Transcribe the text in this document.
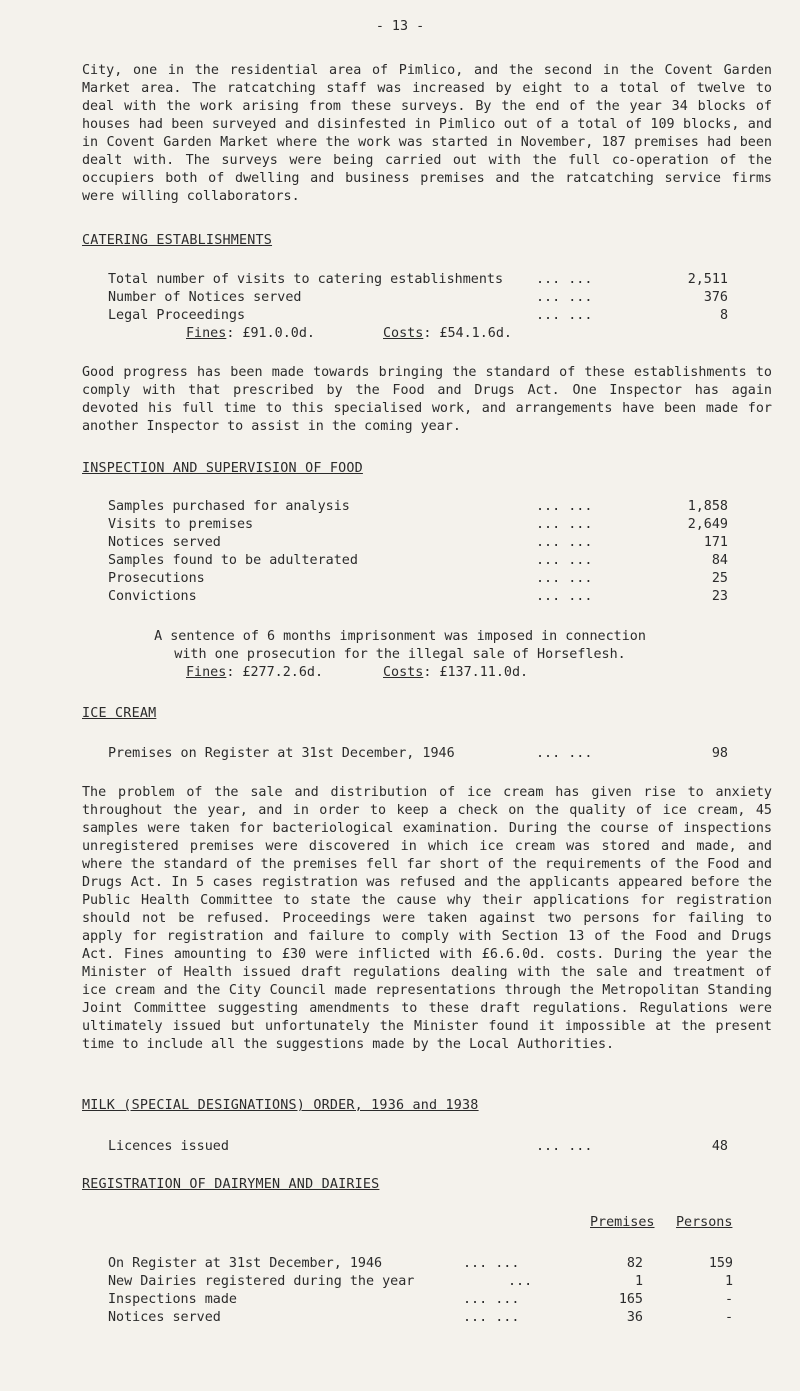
- 13 -
City, one in the residential area of Pimlico, and the second in the Covent Garden Market area. The ratcatching staff was increased by eight to a total of twelve to deal with the work arising from these surveys. By the end of the year 34 blocks of houses had been surveyed and disinfested in Pimlico out of a total of 109 blocks, and in Covent Garden Market where the work was started in November, 187 premises had been dealt with. The surveys were being carried out with the full co-operation of the occupiers both of dwelling and business premises and the ratcatching service firms were willing collaborators.
CATERING ESTABLISHMENTS
Total number of visits to catering establishments ... ...	2,511
Number of Notices served	... ...	376
Legal Proceedings	... ...	8
Fines: £91.0.0d.	Costs: £54.1.6d.
Good progress has been made towards bringing the standard of these establishments to comply with that prescribed by the Food and Drugs Act. One Inspector has again devoted his full time to this specialised work, and arrangements have been made for another Inspector to assist in the coming year.
INSPECTION AND SUPERVISION OF FOOD
Samples purchased for analysis	... ...	1,858
Visits to premises	... ...	2,649
Notices served	... ...	171
Samples found to be adulterated	... ...	84
Prosecutions	... ...	25
Convictions	... ...	23
A sentence of 6 months imprisonment was imposed in connection
with one prosecution for the illegal sale of Horseflesh.
Fines: £277.2.6d.	Costs: £137.11.0d.
ICE CREAM
Premises on Register at 31st December, 1946	... ...	98
The problem of the sale and distribution of ice cream has given rise to anxiety throughout the year, and in order to keep a check on the quality of ice cream, 45 samples were taken for bacteriological examination. During the course of inspections unregistered premises were discovered in which ice cream was stored and made, and where the standard of the premises fell far short of the requirements of the Food and Drugs Act. In 5 cases registration was refused and the applicants appeared before the Public Health Committee to state the cause why their applications for registration should not be refused. Proceedings were taken against two persons for failing to apply for registration and failure to comply with Section 13 of the Food and Drugs Act. Fines amounting to £30 were inflicted with £6.6.0d. costs. During the year the Minister of Health issued draft regulations dealing with the sale and treatment of ice cream and the City Council made representations through the Metropolitan Standing Joint Committee suggesting amendments to these draft regulations. Regulations were ultimately issued but unfortunately the Minister found it impossible at the present time to include all the suggestions made by the Local Authorities.
MILK (SPECIAL DESIGNATIONS) ORDER, 1936 and 1938
Licences issued	... ...	48
REGISTRATION OF DAIRYMEN AND DAIRIES
Premises Persons
On Register at 31st December, 1946	... ...	82	159
New Dairies registered during the year	...	1	1
Inspections made	... ...	165	-
Notices served	... ...	36	-
